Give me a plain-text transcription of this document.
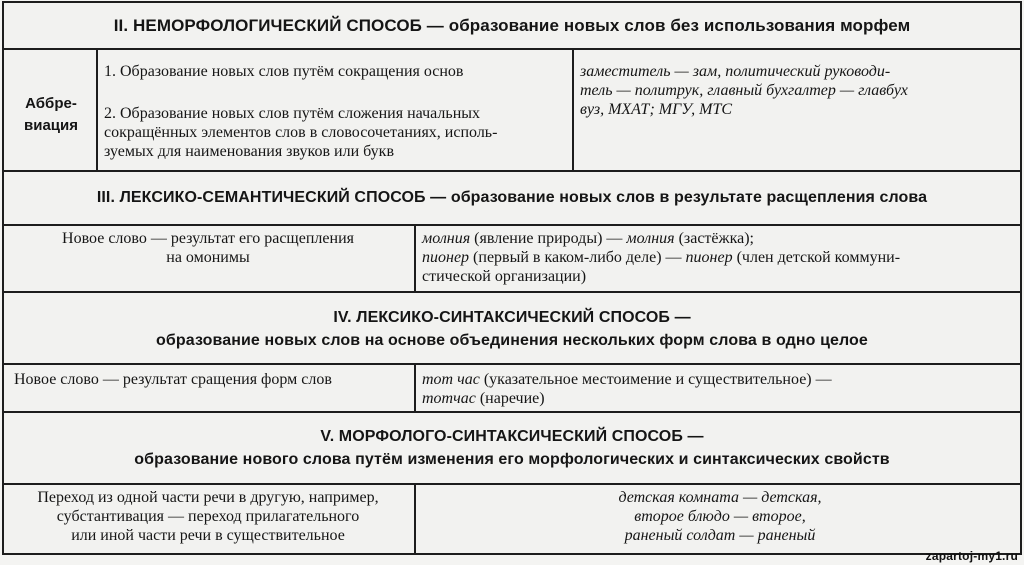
II. НЕМОРФОЛОГИЧЕСКИЙ СПОСОБ — образование новых слов без использования морфем
Аббре-
виация
1. Образование новых слов путём сокращения основ
2. Образование новых слов путём сложения начальных
сокращённых элементов слов в словосочетаниях, исполь-
зуемых для наименования звуков или букв
заместитель — зам, политический руководи-
тель — политрук, главный бухгалтер — главбух
вуз, МХАТ; МГУ, МТС
III. ЛЕКСИКО-СЕМАНТИЧЕСКИЙ СПОСОБ — образование новых слов в результате расщепления слова
Новое слово — результат его расщепления
на омонимы
молния (явление природы) — молния (застёжка);
пионер (первый в каком-либо деле) — пионер (член детской коммуни-
стической организации)
IV. ЛЕКСИКО-СИНТАКСИЧЕСКИЙ СПОСОБ —
образование новых слов на основе объединения нескольких форм слова в одно целое
Новое слово — результат сращения форм слов	тот час (указательное местоимение и существительное) —
тотчас (наречие)
V. МОРФОЛОГО-СИНТАКСИЧЕСКИЙ СПОСОБ —
образование нового слова путём изменения его морфологических и синтаксических свойств
Переход из одной части речи в другую, например,
субстантивация — переход прилагательного
или иной части речи в существительное
детская комната — детская,
второе блюдо — второе,
раненый солдат — раненый
zapartoj-my1.ru
